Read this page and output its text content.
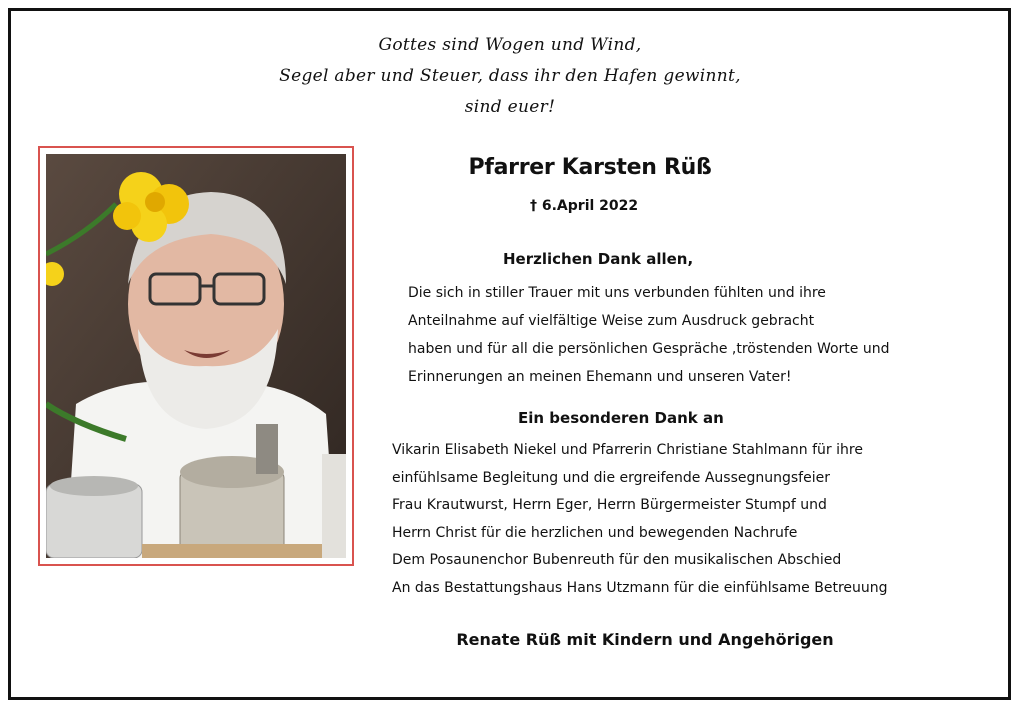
Gottes sind Wogen und Wind,
Segel aber und Steuer, dass ihr den Hafen gewinnt,
sind euer!
Pfarrer Karsten Rüß
† 6.April 2022
Herzlichen Dank allen,
Die sich in stiller Trauer mit uns verbunden fühlten und ihre
Anteilnahme auf vielfältige Weise zum Ausdruck gebracht
haben und für all die persönlichen Gespräche ,tröstenden Worte und
Erinnerungen an meinen Ehemann und unseren Vater!
Ein besonderen Dank an
Vikarin Elisabeth Niekel und Pfarrerin Christiane Stahlmann für ihre
einfühlsame Begleitung und die ergreifende Aussegnungsfeier
Frau Krautwurst, Herrn Eger, Herrn Bürgermeister Stumpf und
Herrn Christ für die herzlichen und bewegenden Nachrufe
Dem Posaunenchor Bubenreuth für den musikalischen Abschied
An das Bestattungshaus Hans Utzmann für die einfühlsame Betreuung
Renate Rüß mit Kindern und Angehörigen
